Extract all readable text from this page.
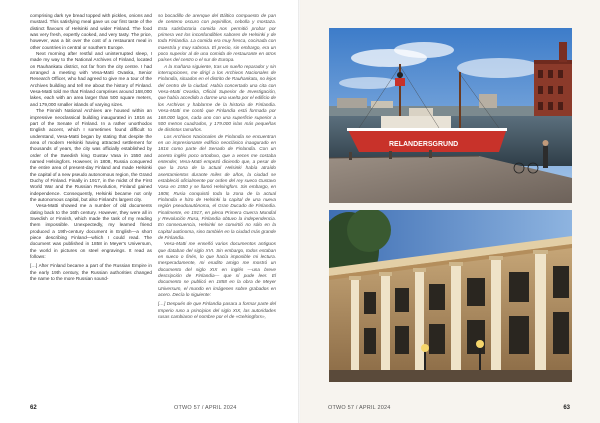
comprising dark rye bread topped with pickles, onions and mustard. This satisfying meal gave us our first taste of the distinct flavours of Helsinki and wider Finland. The food was very fresh, expertly cooked, and very tasty. The price, however, was a bit over the cost of a restaurant meal in other countries in central or southern Europe.

Next morning after restful and uninterrupted sleep, I made my way to the National Archives of Finland, located on Rauhankatu district, not far from the city centre. I had arranged a meeting with Vesa-Matti Ovaska, Senior Research Officer, who had agreed to give me a tour of the Archives building and tell me about the history of Finland. Vesa-Matti told me that Finland comprises around 168,000 lakes, each with an area larger than 500 square meters, and 179,000 smaller islands of varying sizes.

The Finnish National Archives are housed within an impressive neoclassical building inaugurated in 1816 as part of the Senate of Finland. In a rather unorthodox English accent, which I sometimes found difficult to understand, Vesa-Matti began by stating that despite the area of modern Helsinki having attracted settlement for thousands of years, the city was officially established by order of the Swedish king Gustav Vasa in 1550 and named Helsingfors. However, in 1808, Russia conquered the entire area of present-day Finland and made Helsinki the capital of a new pseudo autonomous region, the Grand Duchy of Finland. Finally in 1917, in the midst of the First World War and the Russian Revolution, Finland gained independence. Consequently, Helsinki became not only the autonomous capital, but also Finland's largest city.

Vesa-Matti showed me a number of old documents dating back to the 16th century. However, they were all in Swedish or Finnish, which made the task of my reading them impossible. Unexpectedly, my learned friend produced a 19th-century document in English—a short piece describing Finland—which I could read. The document was published in 1858 in Meyer's Universum, the world in pictures on steel engravings. It read as follows:

[…] After Finland became a part of the Russian Empire in the early 19th century, the Russian authorities changed the name to the more Russian sound-

so bocadillo de arenque del Báltico compuesto de pan de centeno oscuro con pepinillos, cebolla y mostaza. Esta satisfactoria comida nos permitió probar por primera vez los inconfundibles sabores de Helsinki y de toda Finlandia. La comida era muy fresca, cocinada con maestría y muy sabrosa. El precio, sin embargo, era un poco superior al de una comida de restaurante en otros países del centro o el sur de Europa.

A la mañana siguiente, tras un sueño reparador y sin interrupciones, me dirigí a los Archivos Nacionales de Finlandia, situados en el distrito de Rauhankatu, no lejos del centro de la ciudad. Había concertado una cita con Vesa-Matti Ovaska, Oficial Superior de Investigación, que había accedido a darme una vuelta por el edificio de los Archivos y hablarme de la historia de Finlandia. Vesa-Matti me contó que Finlandia está formada por 168.000 lagos, cada uno con una superficie superior a 500 metros cuadrados, y 179.000 islas más pequeñas de distintos tamaños.

Los Archivos Nacionales de Finlandia se encuentran en un impresionante edificio neoclásico inaugurado en 1816 como parte del Senado de Finlandia. Con un acento inglés poco ortodoxo, que a veces me costaba entender, Vesa-Matti empezó diciendo que, a pesar de que la zona de la actual Helsinki había atraído asentamientos durante miles de años, la ciudad se estableció oficialmente por orden del rey sueco Gustavo Vasa en 1550 y se llamó Helsingfors. Sin embargo, en 1808, Rusia conquistó toda la zona de la actual Finlandia e hizo de Helsinki la capital de una nueva región pseudoautónoma, el Gran Ducado de Finlandia. Finalmente, en 1917, en plena Primera Guerra Mundial y Revolución Rusa, Finlandia obtuvo la independencia. En consecuencia, Helsinki se convirtió no sólo en la capital autónoma, sino también en la ciudad más grande de Finlandia.

Vesa-Matti me enseñó varios documentos antiguos que databan del siglo XVI. Sin embargo, todos estaban en sueco o finés, lo que hacía imposible mi lectura. Inesperadamente, mi erudito amigo me mostró un documento del siglo XIX en inglés —una breve descripción de Finlandia— que sí pude leer. El documento se publicó en 1858 en la obra de Meyer Universum, el mundo en imágenes sobre grabados en acero. Decía lo siguiente:

[…] Después de que Finlandia pasara a formar parte del Imperio ruso a principios del siglo XIX, las autoridades rusas cambiaron el nombre por el de «Gelsingfors»,

62	OTWO 57 / APRIL 2024
RELANDERSGRUND
OTWO 57 / APRIL 2024	63
